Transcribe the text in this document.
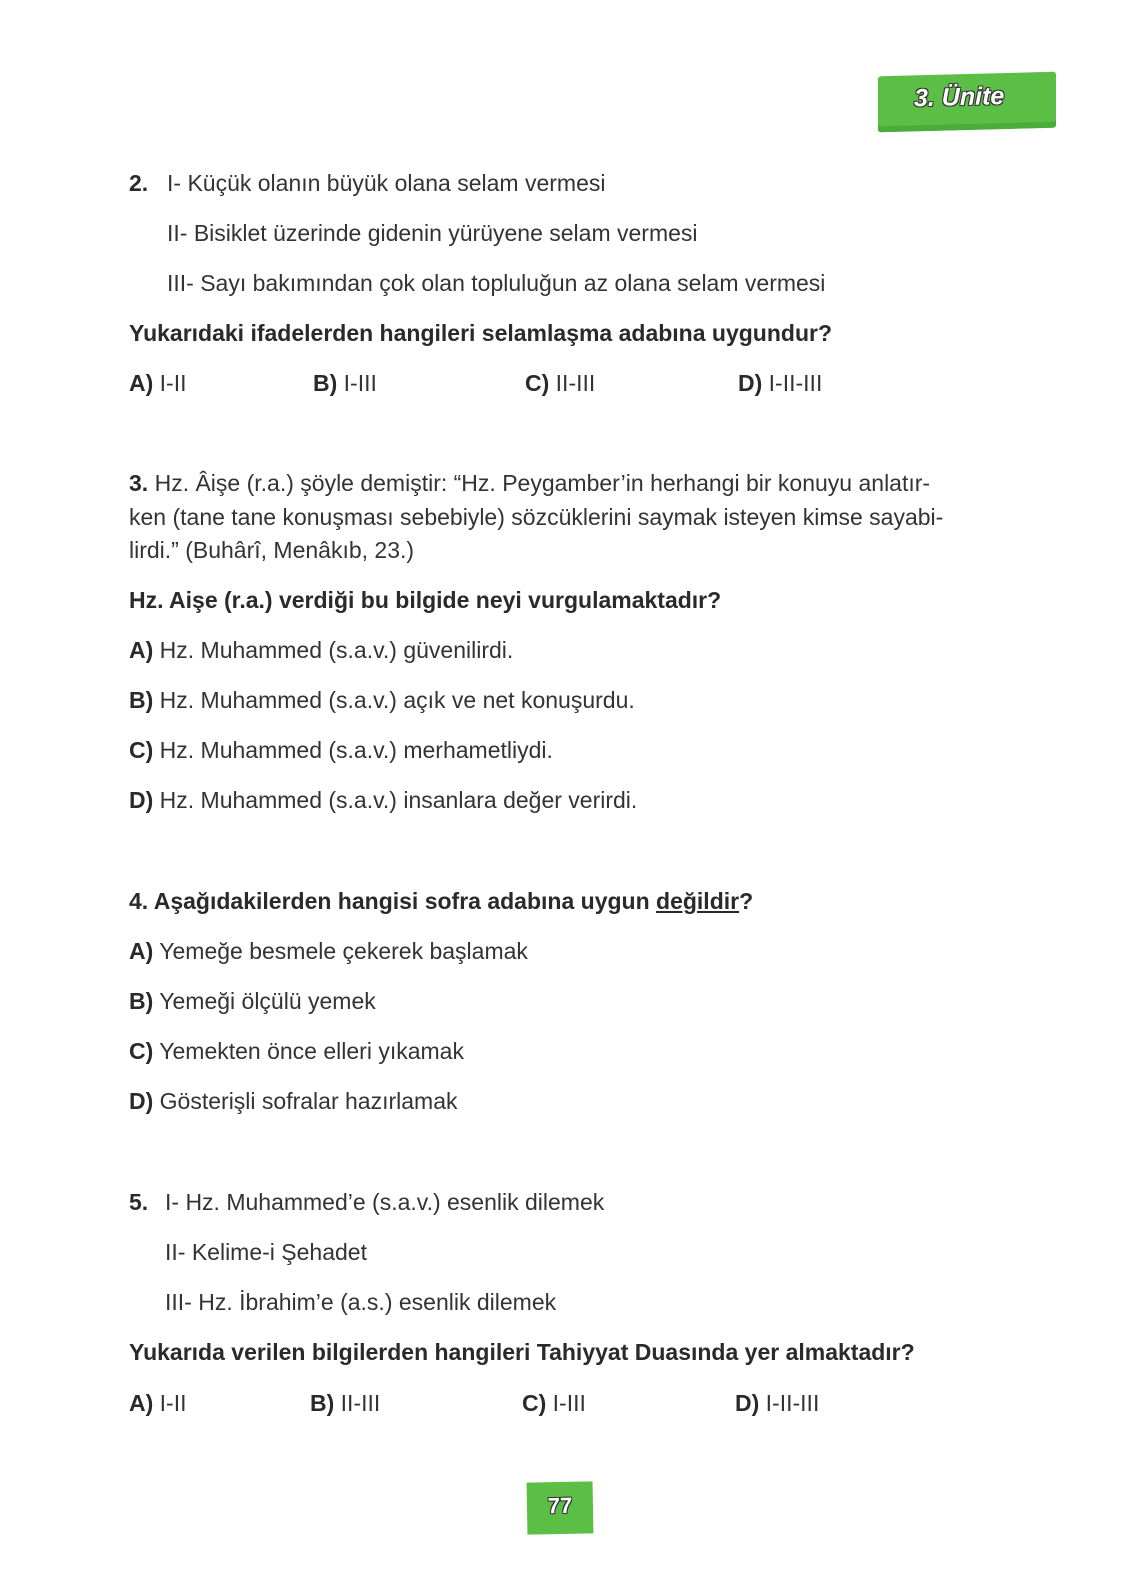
3. Ünite
2. I- Küçük olanın büyük olana selam vermesi
II- Bisiklet üzerinde gidenin yürüyene selam vermesi
III- Sayı bakımından çok olan topluluğun az olana selam vermesi
Yukarıdaki ifadelerden hangileri selamlaşma adabına uygundur?
A) I-II	B) I-III	C) II-III	D) I-II-III
3. Hz. Âişe (r.a.) şöyle demiştir: “Hz. Peygamber’in herhangi bir konuyu anlatır-
ken (tane tane konuşması sebebiyle) sözcüklerini saymak isteyen kimse sayabi-
lirdi.” (Buhârî, Menâkıb, 23.)
Hz. Aişe (r.a.) verdiği bu bilgide neyi vurgulamaktadır?
A) Hz. Muhammed (s.a.v.) güvenilirdi.
B) Hz. Muhammed (s.a.v.) açık ve net konuşurdu.
C) Hz. Muhammed (s.a.v.) merhametliydi.
D) Hz. Muhammed (s.a.v.) insanlara değer verirdi.
4. Aşağıdakilerden hangisi sofra adabına uygun değildir?
A) Yemeğe besmele çekerek başlamak
B) Yemeği ölçülü yemek
C) Yemekten önce elleri yıkamak
D) Gösterişli sofralar hazırlamak
5. I- Hz. Muhammed’e (s.a.v.) esenlik dilemek
II- Kelime-i Şehadet
III- Hz. İbrahim’e (a.s.) esenlik dilemek
Yukarıda verilen bilgilerden hangileri Tahiyyat Duasında yer almaktadır?
A) I-II	B) II-III	C) I-III	D) I-II-III
77
